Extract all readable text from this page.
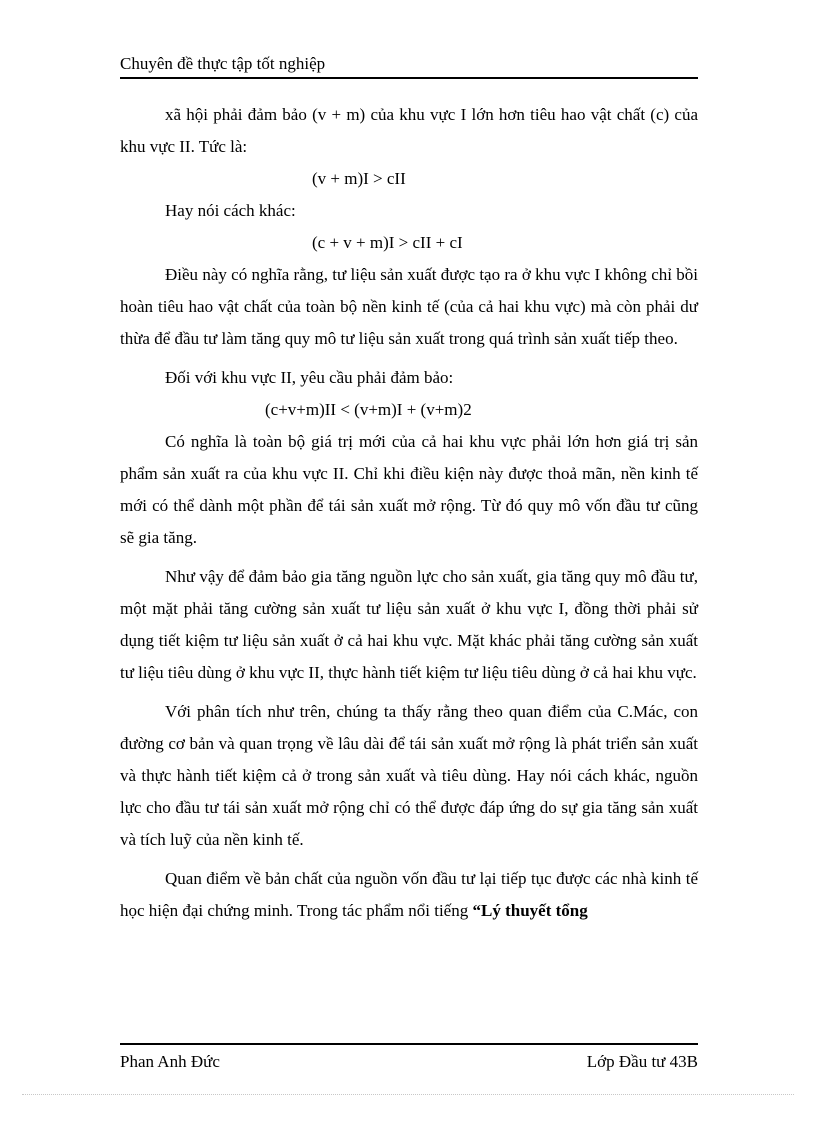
Chuyên đề thực tập tốt nghiệp

xã hội phải đảm bảo (v + m) của khu vực I lớn hơn tiêu hao vật chất (c) của khu vực II. Tức là:

(v + m)I > cII

Hay nói cách khác:

(c + v + m)I > cII + cI

Điều này có nghĩa rằng, tư liệu sản xuất được tạo ra ở khu vực I không chỉ bồi hoàn tiêu hao vật chất của toàn bộ nền kinh tế (của cả hai khu vực) mà còn phải dư thừa để đầu tư làm tăng quy mô tư liệu sản xuất trong quá trình sản xuất tiếp theo.

Đối với khu vực II, yêu cầu phải đảm bảo:

(c+v+m)II < (v+m)I + (v+m)2

Có nghĩa là toàn bộ giá trị mới của cả hai khu vực phải lớn hơn giá trị sản phẩm sản xuất ra của khu vực II. Chỉ khi điều kiện này được thoả mãn, nền kinh tế mới có thể dành một phần để tái sản xuất mở rộng. Từ đó quy mô vốn đầu tư cũng sẽ gia tăng.

Như vậy để đảm bảo gia tăng nguồn lực cho sản xuất, gia tăng quy mô đầu tư, một mặt phải tăng cường sản xuất tư liệu sản xuất ở khu vực I, đồng thời phải sử dụng tiết kiệm tư liệu sản xuất ở cả hai khu vực. Mặt khác phải tăng cường sản xuất tư liệu tiêu dùng ở khu vực II, thực hành tiết kiệm tư liệu tiêu dùng ở cả hai khu vực.

Với phân tích như trên, chúng ta thấy rằng theo quan điểm của C.Mác, con đường cơ bản và quan trọng về lâu dài để tái sản xuất mở rộng là phát triển sản xuất và thực hành tiết kiệm cả ở trong sản xuất và tiêu dùng. Hay nói cách khác, nguồn lực cho đầu tư tái sản xuất mở rộng chỉ có thể được đáp ứng do sự gia tăng sản xuất và tích luỹ của nền kinh tế.

Quan điểm về bản chất của nguồn vốn đầu tư lại tiếp tục được các nhà kinh tế học hiện đại chứng minh. Trong tác phẩm nổi tiếng “Lý thuyết tổng

Phan Anh Đức	Lớp Đầu tư 43B
